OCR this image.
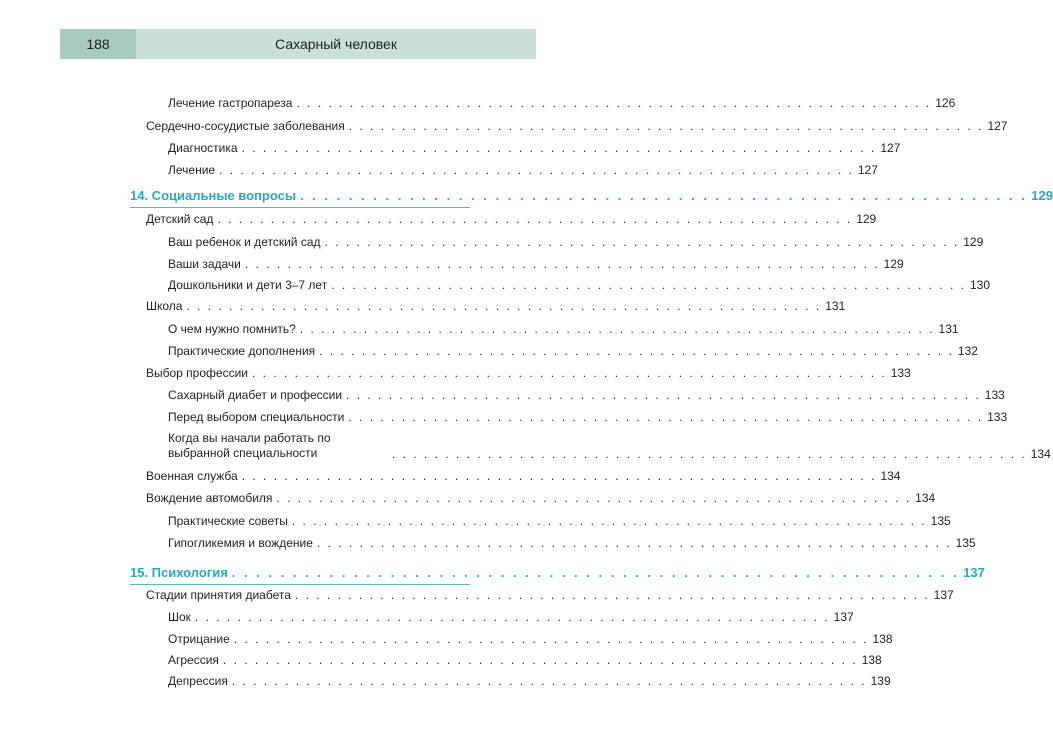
188	Сахарный человек
Лечение гастропареза . . . . . . . . . . . . . . . . . . . . . . . . . . . . . . . . . . . . . . . . . . . . . . . . . . . . . . . . . . . . 126
Сердечно-сосудистые заболевания . . . . . . . . . . . . . . . . . . . . . . . . . . . . . . . . . . . . . . . . . . . . . . . . . . . . . . . . . . . . 127
Диагностика . . . . . . . . . . . . . . . . . . . . . . . . . . . . . . . . . . . . . . . . . . . . . . . . . . . . . . . . . . . . 127
Лечение . . . . . . . . . . . . . . . . . . . . . . . . . . . . . . . . . . . . . . . . . . . . . . . . . . . . . . . . . . . . 127
14. Социальные вопросы . . . . . . . . . . . . . . . . . . . . . . . . . . . . . . . . . . . . . . . . . . . . . . . . . . . . . . . . . . . . 129
Детский сад . . . . . . . . . . . . . . . . . . . . . . . . . . . . . . . . . . . . . . . . . . . . . . . . . . . . . . . . . . . . 129
Ваш ребенок и детский сад . . . . . . . . . . . . . . . . . . . . . . . . . . . . . . . . . . . . . . . . . . . . . . . . . . . . . . . . . . . . 129
Ваши задачи . . . . . . . . . . . . . . . . . . . . . . . . . . . . . . . . . . . . . . . . . . . . . . . . . . . . . . . . . . . . 129
Дошкольники и дети 3–7 лет . . . . . . . . . . . . . . . . . . . . . . . . . . . . . . . . . . . . . . . . . . . . . . . . . . . . . . . . . . . . 130
Школа . . . . . . . . . . . . . . . . . . . . . . . . . . . . . . . . . . . . . . . . . . . . . . . . . . . . . . . . . . . . 131
О чем нужно помнить? . . . . . . . . . . . . . . . . . . . . . . . . . . . . . . . . . . . . . . . . . . . . . . . . . . . . . . . . . . . . 131
Практические дополнения . . . . . . . . . . . . . . . . . . . . . . . . . . . . . . . . . . . . . . . . . . . . . . . . . . . . . . . . . . . . 132
Выбор профессии . . . . . . . . . . . . . . . . . . . . . . . . . . . . . . . . . . . . . . . . . . . . . . . . . . . . . . . . . . . . 133
Сахарный диабет и профессии . . . . . . . . . . . . . . . . . . . . . . . . . . . . . . . . . . . . . . . . . . . . . . . . . . . . . . . . . . . . 133
Перед выбором специальности . . . . . . . . . . . . . . . . . . . . . . . . . . . . . . . . . . . . . . . . . . . . . . . . . . . . . . . . . . . . 133
Когда вы начали работать по выбранной специальности	. . . . . . . . . . . . . . . . . . . . . . . . . . . . . . . . . . . . . . . . . . . . . . . . . . . . . . . . . . . . 134
Военная служба . . . . . . . . . . . . . . . . . . . . . . . . . . . . . . . . . . . . . . . . . . . . . . . . . . . . . . . . . . . . 134
Вождение автомобиля . . . . . . . . . . . . . . . . . . . . . . . . . . . . . . . . . . . . . . . . . . . . . . . . . . . . . . . . . . . . 134
Практические советы . . . . . . . . . . . . . . . . . . . . . . . . . . . . . . . . . . . . . . . . . . . . . . . . . . . . . . . . . . . . 135
Гипогликемия и вождение . . . . . . . . . . . . . . . . . . . . . . . . . . . . . . . . . . . . . . . . . . . . . . . . . . . . . . . . . . . . 135
15. Психология . . . . . . . . . . . . . . . . . . . . . . . . . . . . . . . . . . . . . . . . . . . . . . . . . . . . . . . . . . . . 137
Стадии принятия диабета . . . . . . . . . . . . . . . . . . . . . . . . . . . . . . . . . . . . . . . . . . . . . . . . . . . . . . . . . . . . 137
Шок . . . . . . . . . . . . . . . . . . . . . . . . . . . . . . . . . . . . . . . . . . . . . . . . . . . . . . . . . . . . 137
Отрицание . . . . . . . . . . . . . . . . . . . . . . . . . . . . . . . . . . . . . . . . . . . . . . . . . . . . . . . . . . . . 138
Агрессия . . . . . . . . . . . . . . . . . . . . . . . . . . . . . . . . . . . . . . . . . . . . . . . . . . . . . . . . . . . . 138
Депрессия . . . . . . . . . . . . . . . . . . . . . . . . . . . . . . . . . . . . . . . . . . . . . . . . . . . . . . . . . . . . 139
